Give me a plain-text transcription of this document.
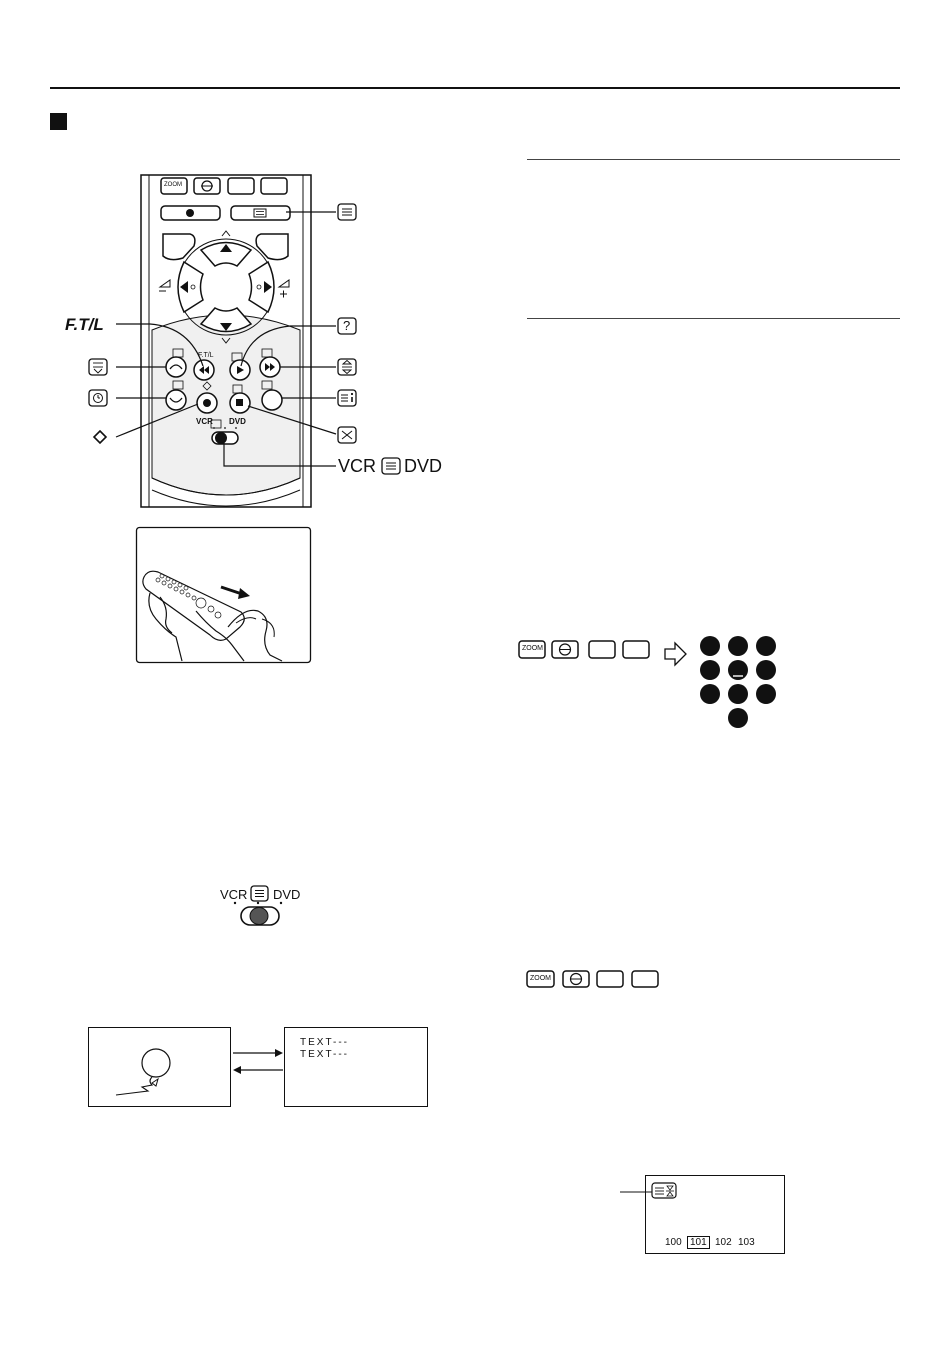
ZOOM
F.T/L
VCR DVD
F.T/L	?
VCR DVD
ZOOM
VCR DVD
TEXT---
TEXT---
ZOOM
100 101 102 103
